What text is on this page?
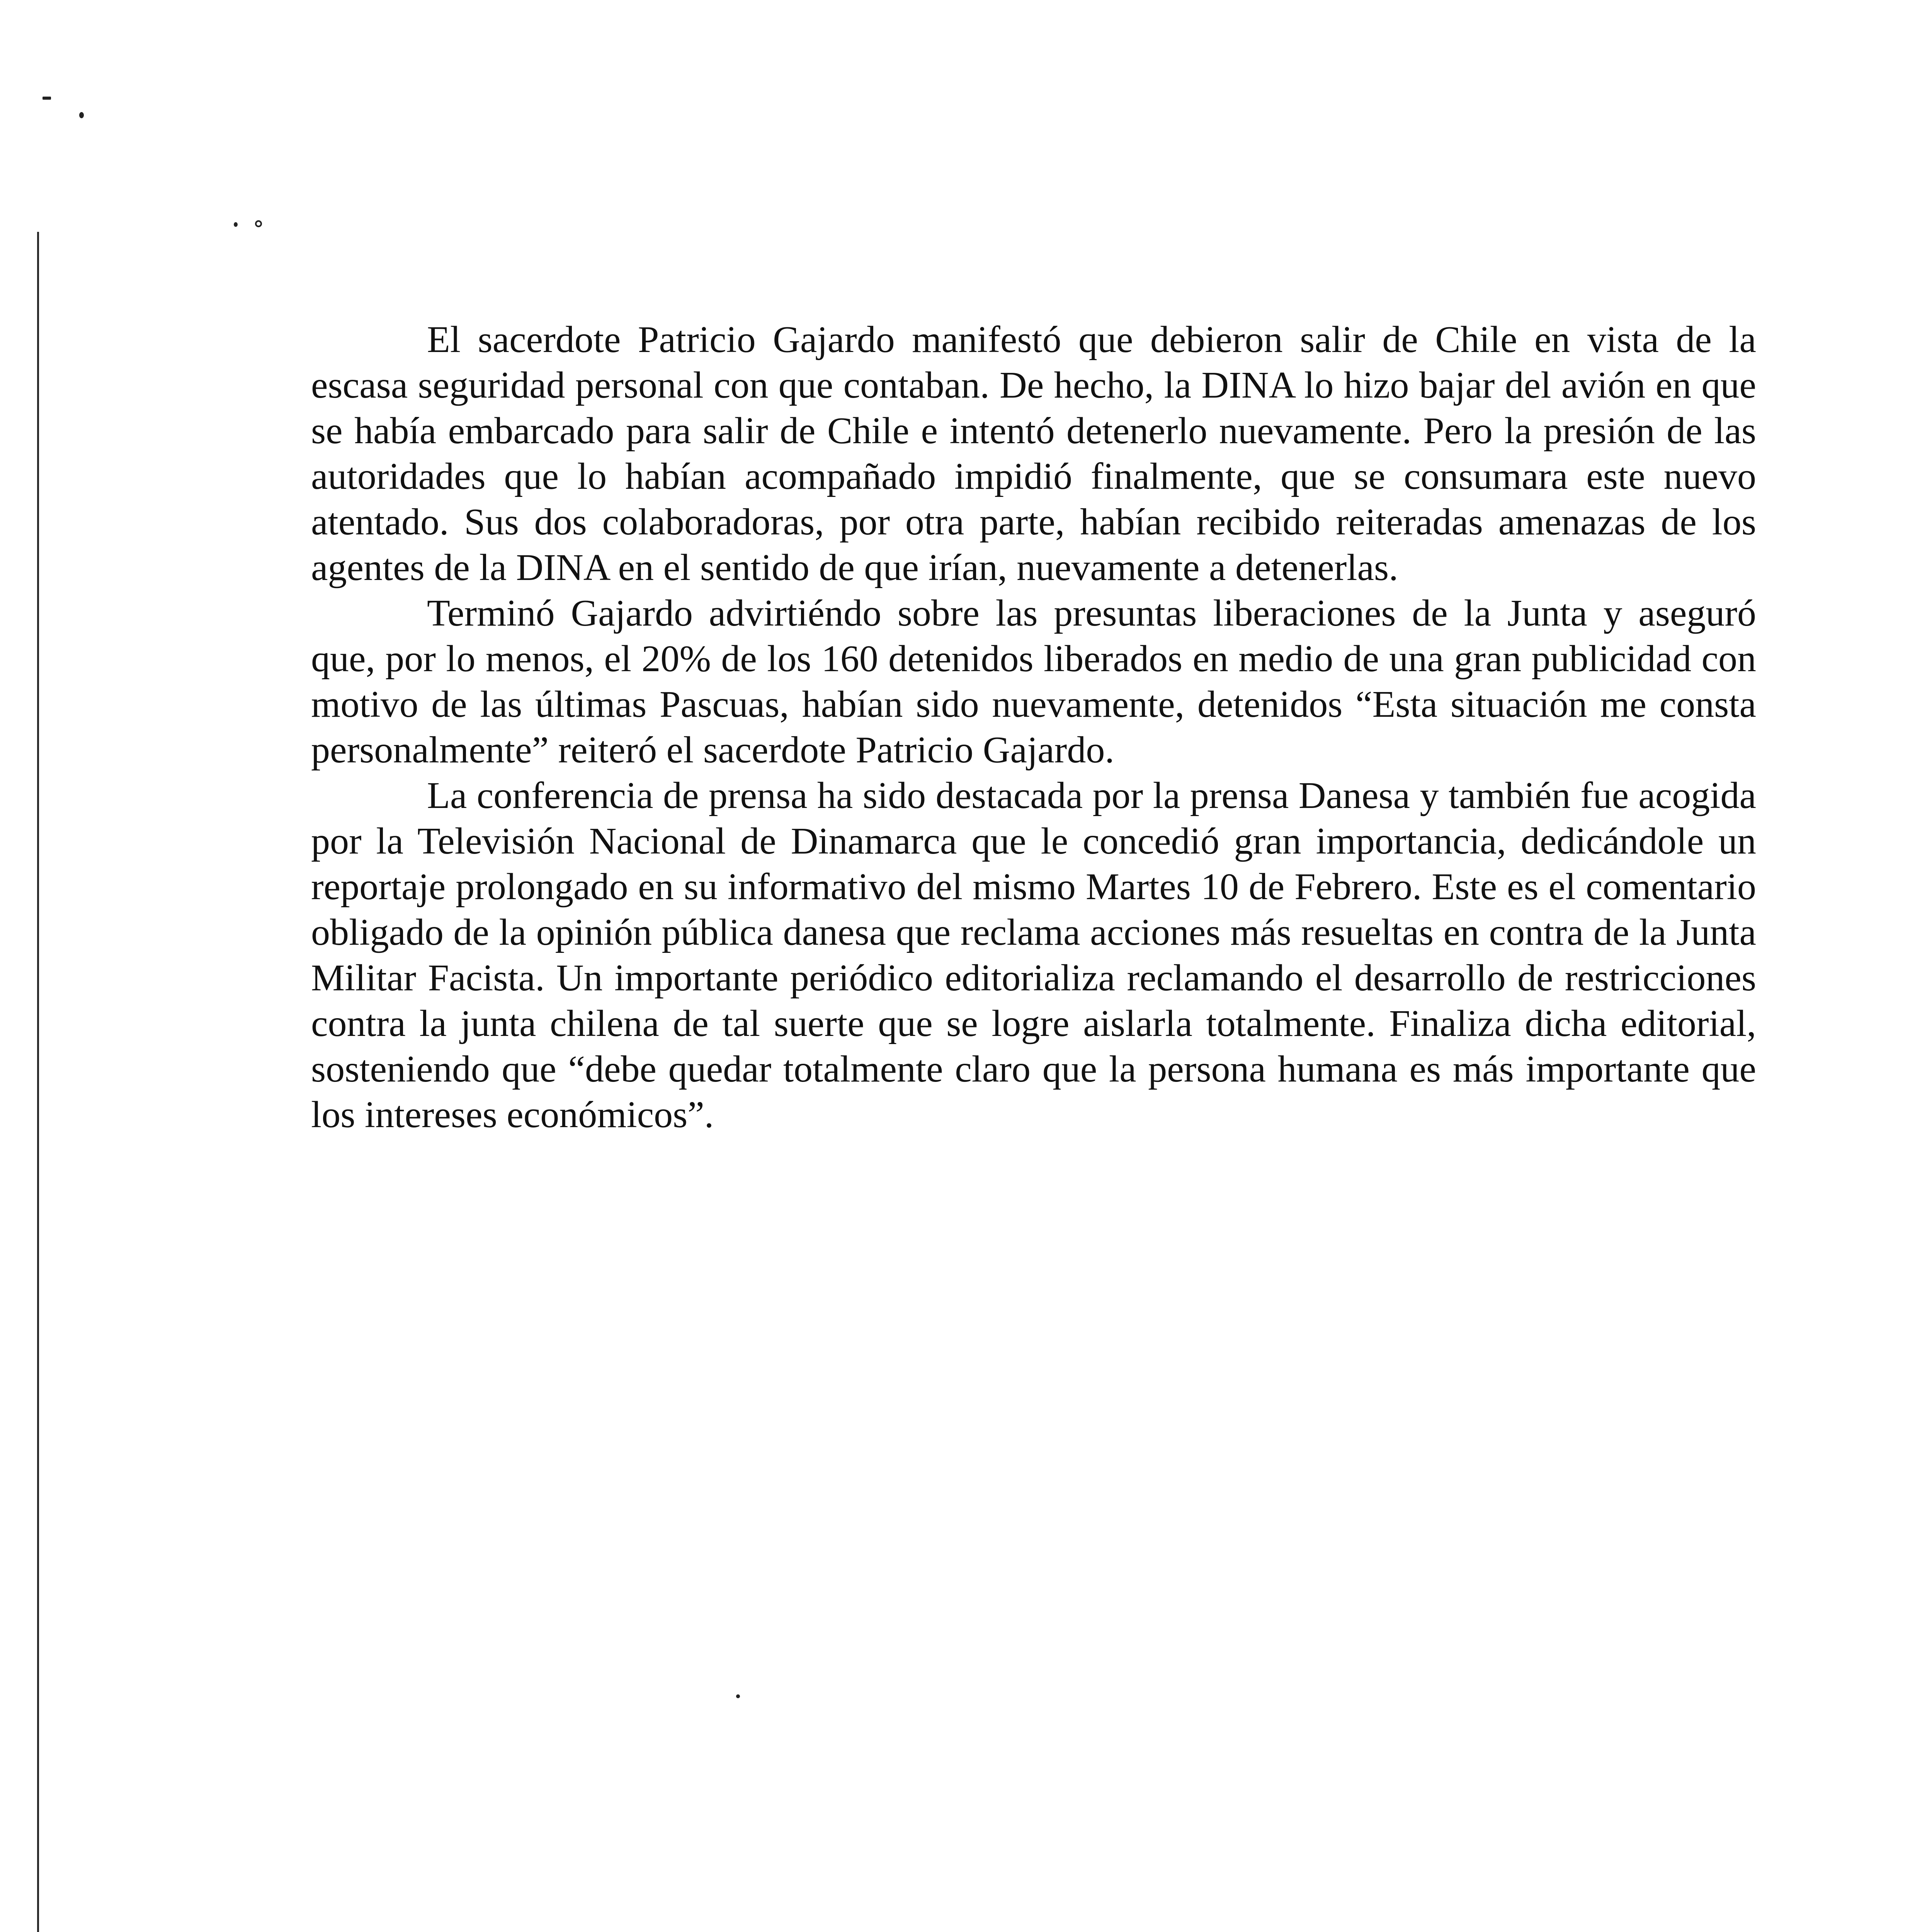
El sacerdote Patricio Gajardo manifestó que debieron salir de Chile en vista de la escasa seguridad personal con que contaban. De hecho, la DINA lo hizo bajar del avión en que se había embarcado para salir de Chile e intentó detenerlo nuevamente. Pero la presión de las autoridades que lo habían acompañado impidió finalmente, que se consumara este nuevo atentado. Sus dos colaboradoras, por otra parte, habían recibido reiteradas amenazas de los agentes de la DINA en el sentido de que irían, nuevamente a detenerlas.

Terminó Gajardo advirtiéndo sobre las presuntas liberaciones de la Junta y aseguró que, por lo menos, el 20% de los 160 detenidos liberados en medio de una gran publicidad con motivo de las últimas Pascuas, habían sido nuevamente, detenidos “Esta situación me consta personalmente” reiteró el sacerdote Patricio Gajardo.

La conferencia de prensa ha sido destacada por la prensa Danesa y también fue acogida por la Televisión Nacional de Dinamarca que le concedió gran importancia, dedicándole un reportaje prolongado en su informativo del mismo Martes 10 de Febrero. Este es el comentario obligado de la opinión pública danesa que reclama acciones más resueltas en contra de la Junta Militar Facista. Un importante periódico editorializa reclamando el desarrollo de restricciones contra la junta chilena de tal suerte que se logre aislarla totalmente. Finaliza dicha editorial, sosteniendo que “debe quedar totalmente claro que la persona humana es más importante que los intereses económicos”.
